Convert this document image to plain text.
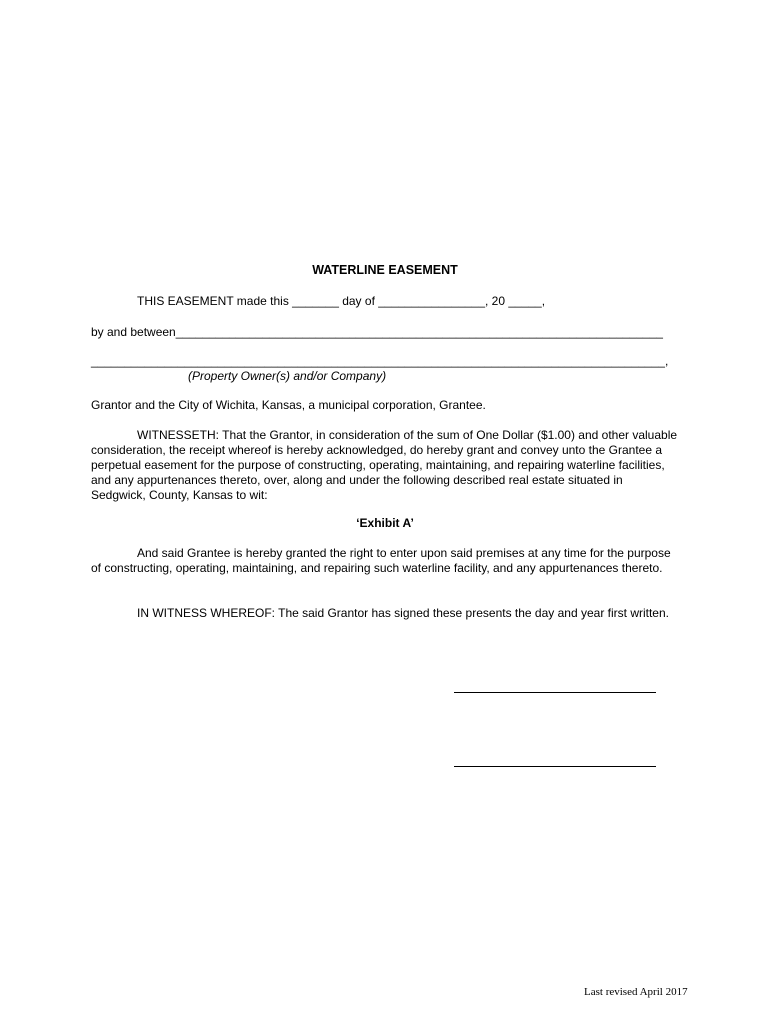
WATERLINE EASEMENT
THIS EASEMENT made this _______ day of ________________, 20 _____,
by and between_________________________________________________________________________
______________________________________________________________________________________,
(Property Owner(s) and/or Company)
Grantor and the City of Wichita, Kansas, a municipal corporation, Grantee.
WITNESSETH: That the Grantor, in consideration of the sum of One Dollar ($1.00) and other valuable consideration, the receipt whereof is hereby acknowledged, do hereby grant and convey unto the Grantee a perpetual easement for the purpose of constructing, operating, maintaining, and repairing waterline facilities, and any appurtenances thereto, over, along and under the following described real estate situated in Sedgwick, County, Kansas to wit:
‘Exhibit A’
And said Grantee is hereby granted the right to enter upon said premises at any time for the purpose of constructing, operating, maintaining, and repairing such waterline facility, and any appurtenances thereto.
IN WITNESS WHEREOF: The said Grantor has signed these presents the day and year first written.
Last revised April 2017
